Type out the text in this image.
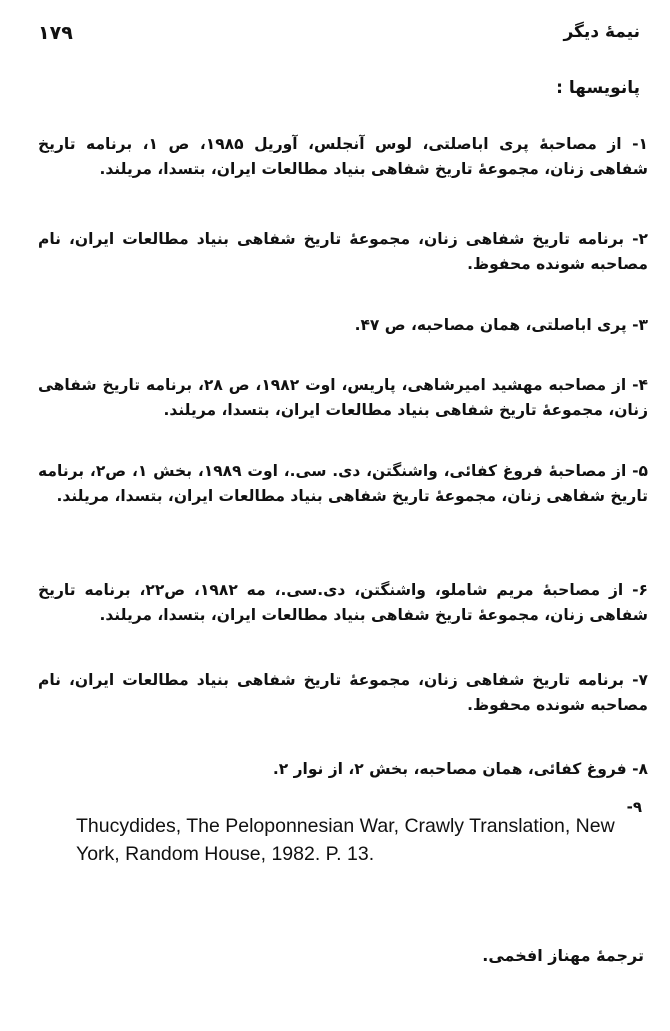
۱۷۹	نیمهٔ دیگر
پانویسها :
۱- از مصاحبهٔ پری اباصلتی، لوس آنجلس، آوریل ۱۹۸۵، ص ۱، برنامه تاریخ شفاهی زنان، مجموعهٔ تاریخ شفاهی بنیاد مطالعات ایران، بتسدا، مریلند.
۲- برنامه تاریخ شفاهی زنان، مجموعهٔ تاریخ شفاهی بنیاد مطالعات ایران، نام مصاحبه شونده محفوظ.
۳- پری اباصلتی، همان مصاحبه، ص ۴۷.
۴- از مصاحبه مهشید امیرشاهی، پاریس، اوت ۱۹۸۲، ص ۲۸، برنامه تاریخ شفاهی زنان، مجموعهٔ تاریخ شفاهی بنیاد مطالعات ایران، بتسدا، مریلند.
۵- از مصاحبهٔ فروغ کفائی، واشنگتن، دی. سی.، اوت ۱۹۸۹، بخش ۱، ص۲، برنامه تاریخ شفاهی زنان، مجموعهٔ تاریخ شفاهی بنیاد مطالعات ایران، بتسدا، مریلند.
۶- از مصاحبهٔ مریم شاملو، واشنگتن، دی.سی.، مه ۱۹۸۲، ص۲۲، برنامه تاریخ شفاهی زنان، مجموعهٔ تاریخ شفاهی بنیاد مطالعات ایران، بتسدا، مریلند.
۷- برنامه تاریخ شفاهی زنان، مجموعهٔ تاریخ شفاهی بنیاد مطالعات ایران، نام مصاحبه شونده محفوظ.
۸- فروغ کفائی، همان مصاحبه، بخش ۲، از نوار ۲.
۹-
Thucydides, The Peloponnesian War, Crawly Translation, New York, Random House, 1982. P. 13.
ترجمهٔ مهناز افخمی.
